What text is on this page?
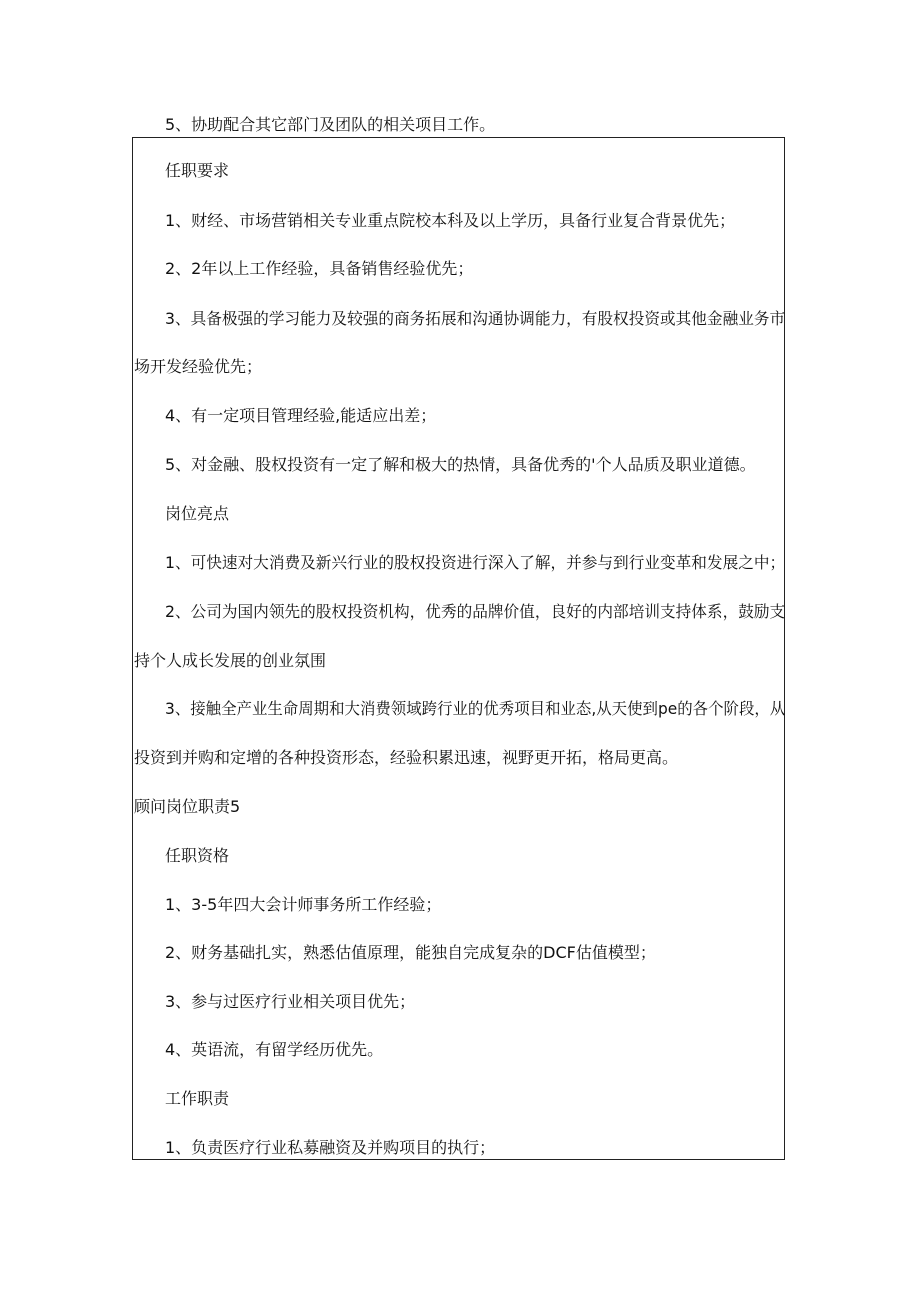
5、协助配合其它部门及团队的相关项目工作。
任职要求
1、财经、市场营销相关专业重点院校本科及以上学历，具备行业复合背景优先；
2、2年以上工作经验，具备销售经验优先；
3、具备极强的学习能力及较强的商务拓展和沟通协调能力，有股权投资或其他金融业务市
场开发经验优先；
4、有一定项目管理经验,能适应出差；
5、对金融、股权投资有一定了解和极大的热情，具备优秀的'个人品质及职业道德。
岗位亮点
1、可快速对大消费及新兴行业的股权投资进行深入了解，并参与到行业变革和发展之中；
2、公司为国内领先的股权投资机构，优秀的品牌价值，良好的内部培训支持体系，鼓励支
持个人成长发展的创业氛围
3、接触全产业生命周期和大消费领域跨行业的优秀项目和业态,从天使到pe的各个阶段，从
投资到并购和定增的各种投资形态，经验积累迅速，视野更开拓，格局更高。
顾问岗位职责5
任职资格
1、3-5年四大会计师事务所工作经验；
2、财务基础扎实，熟悉估值原理，能独自完成复杂的DCF估值模型；
3、参与过医疗行业相关项目优先；
4、英语流，有留学经历优先。
工作职责
1、负责医疗行业私募融资及并购项目的执行；
